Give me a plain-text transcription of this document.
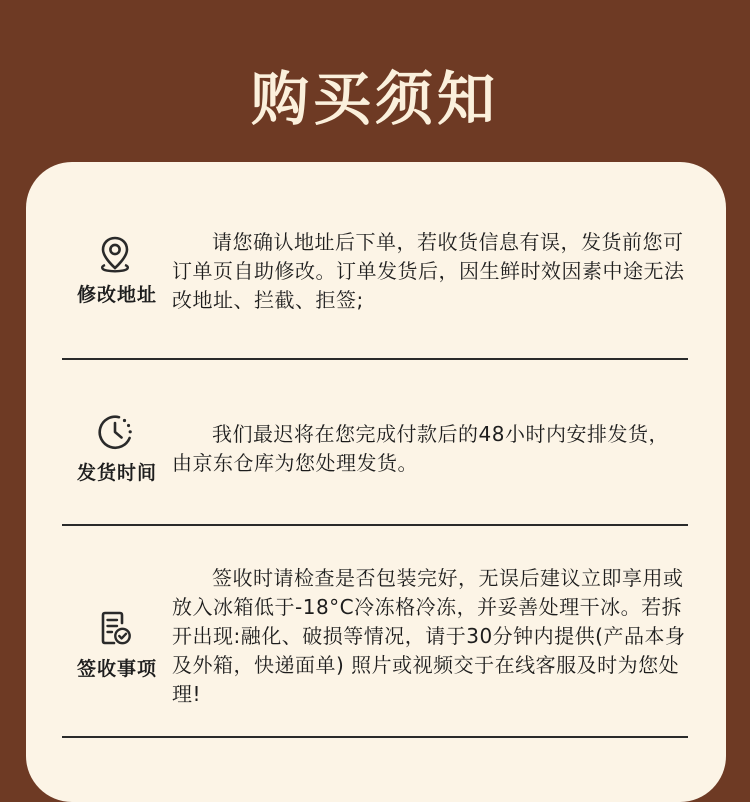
购买须知
修改地址
请您确认地址后下单，若收货信息有误，发货前您可订单页自助修改。订单发货后，因生鲜时效因素中途无法改地址、拦截、拒签;
发货时间
我们最迟将在您完成付款后的48小时内安排发货，由京东仓库为您处理发货。
签收事项
签收时请检查是否包装完好，无误后建议立即享用或放入冰箱低于-18°C冷冻格冷冻，并妥善处理干冰。若拆开出现:融化、破损等情况，请于30分钟内提供(产品本身及外箱，快递面单) 照片或视频交于在线客服及时为您处理!
